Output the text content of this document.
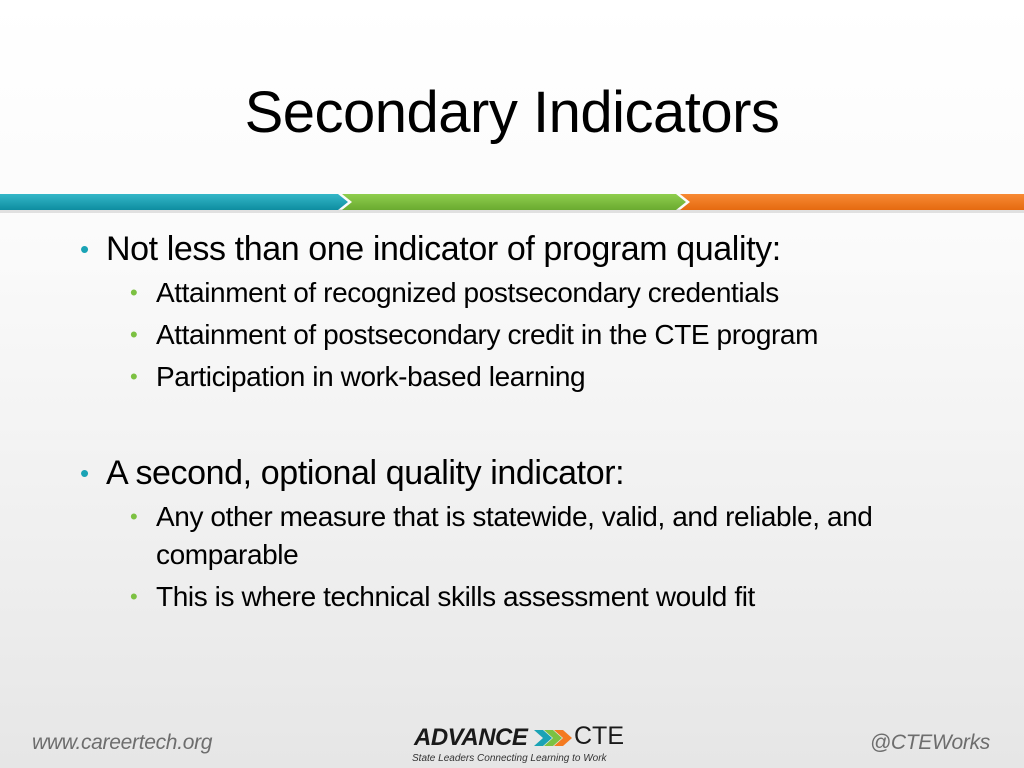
Secondary Indicators
• Not less than one indicator of program quality:
• Attainment of recognized postsecondary credentials
• Attainment of postsecondary credit in the CTE program
• Participation in work-based learning
• A second, optional quality indicator:
• Any other measure that is statewide, valid, and reliable, and comparable
• This is where technical skills assessment would fit
www.careertech.org	ADVANCE CTE
State Leaders Connecting Learning to Work
@CTEWorks
